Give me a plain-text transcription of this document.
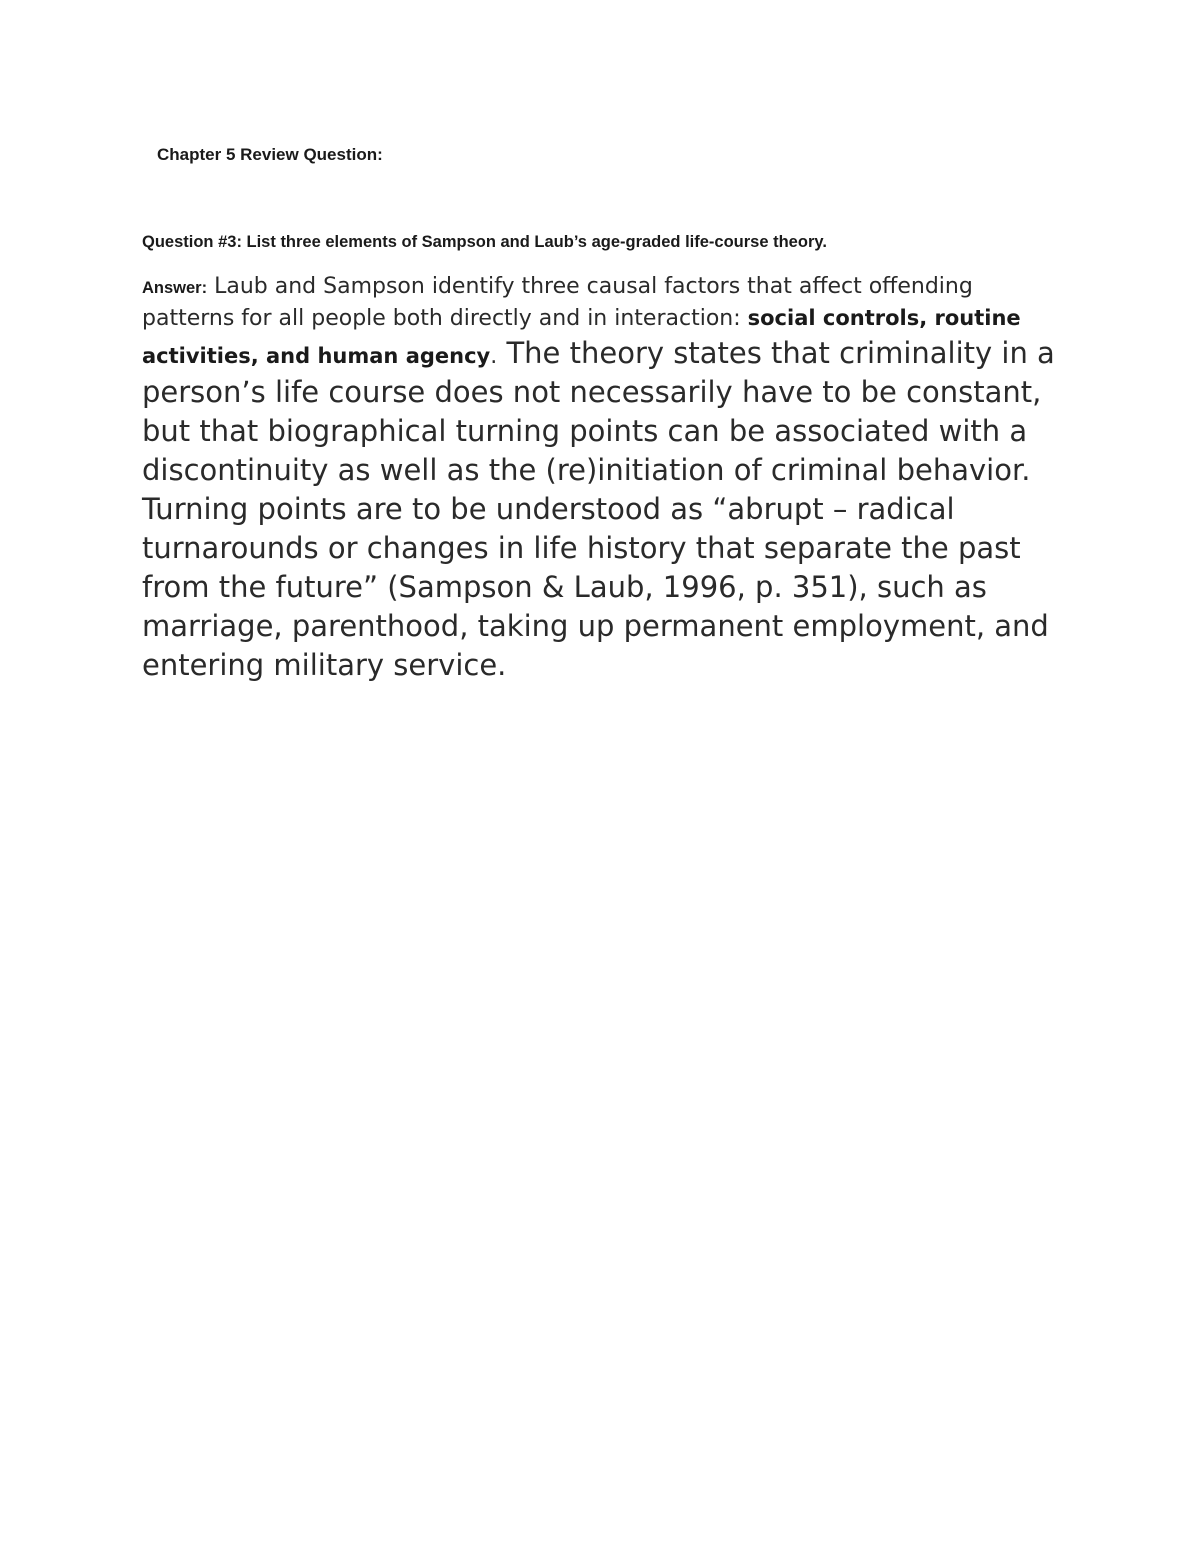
Chapter 5 Review Question:

Question #3: List three elements of Sampson and Laub’s age-graded life-course theory.

Answer: Laub and Sampson identify three causal factors that affect offending patterns for all people both directly and in interaction: social controls, routine activities, and human agency. The theory states that criminality in a person’s life course does not necessarily have to be constant, but that biographical turning points can be associated with a discontinuity as well as the (re)initiation of criminal behavior. Turning points are to be understood as “abrupt – radical turnarounds or changes in life history that separate the past from the future” (Sampson & Laub, 1996, p. 351), such as marriage, parenthood, taking up permanent employment, and entering military service.
